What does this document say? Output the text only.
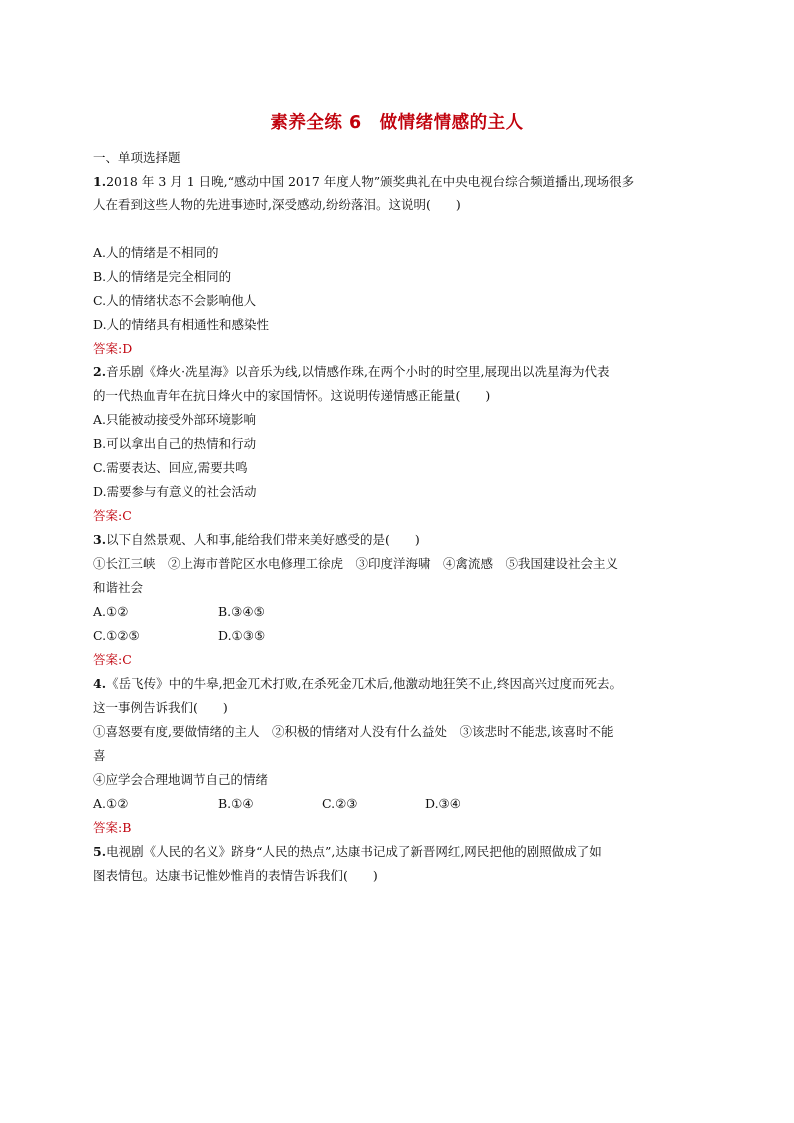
素养全练 6　做情绪情感的主人
一、单项选择题
1.2018 年 3 月 1 日晚,“感动中国 2017 年度人物”颁奖典礼在中央电视台综合频道播出,现场很多
人在看到这些人物的先进事迹时,深受感动,纷纷落泪。这说明(　　)
A.人的情绪是不相同的
B.人的情绪是完全相同的
C.人的情绪状态不会影响他人
D.人的情绪具有相通性和感染性
答案:D
2.音乐剧《烽火·冼星海》以音乐为线,以情感作珠,在两个小时的时空里,展现出以冼星海为代表
的一代热血青年在抗日烽火中的家国情怀。这说明传递情感正能量(　　)
A.只能被动接受外部环境影响
B.可以拿出自己的热情和行动
C.需要表达、回应,需要共鸣
D.需要参与有意义的社会活动
答案:C
3.以下自然景观、人和事,能给我们带来美好感受的是(　　)
①长江三峡　②上海市普陀区水电修理工徐虎　③印度洋海啸　④禽流感　⑤我国建设社会主义
和谐社会
A.①②	B.③④⑤
C.①②⑤	D.①③⑤
答案:C
4.《岳飞传》中的牛皋,把金兀术打败,在杀死金兀术后,他激动地狂笑不止,终因高兴过度而死去。
这一事例告诉我们(　　)
①喜怒要有度,要做情绪的主人　②积极的情绪对人没有什么益处　③该悲时不能悲,该喜时不能
喜
④应学会合理地调节自己的情绪
A.①②	B.①④	C.②③	D.③④
答案:B
5.电视剧《人民的名义》跻身“人民的热点”,达康书记成了新晋网红,网民把他的剧照做成了如
图表情包。达康书记惟妙惟肖的表情告诉我们(　　)
